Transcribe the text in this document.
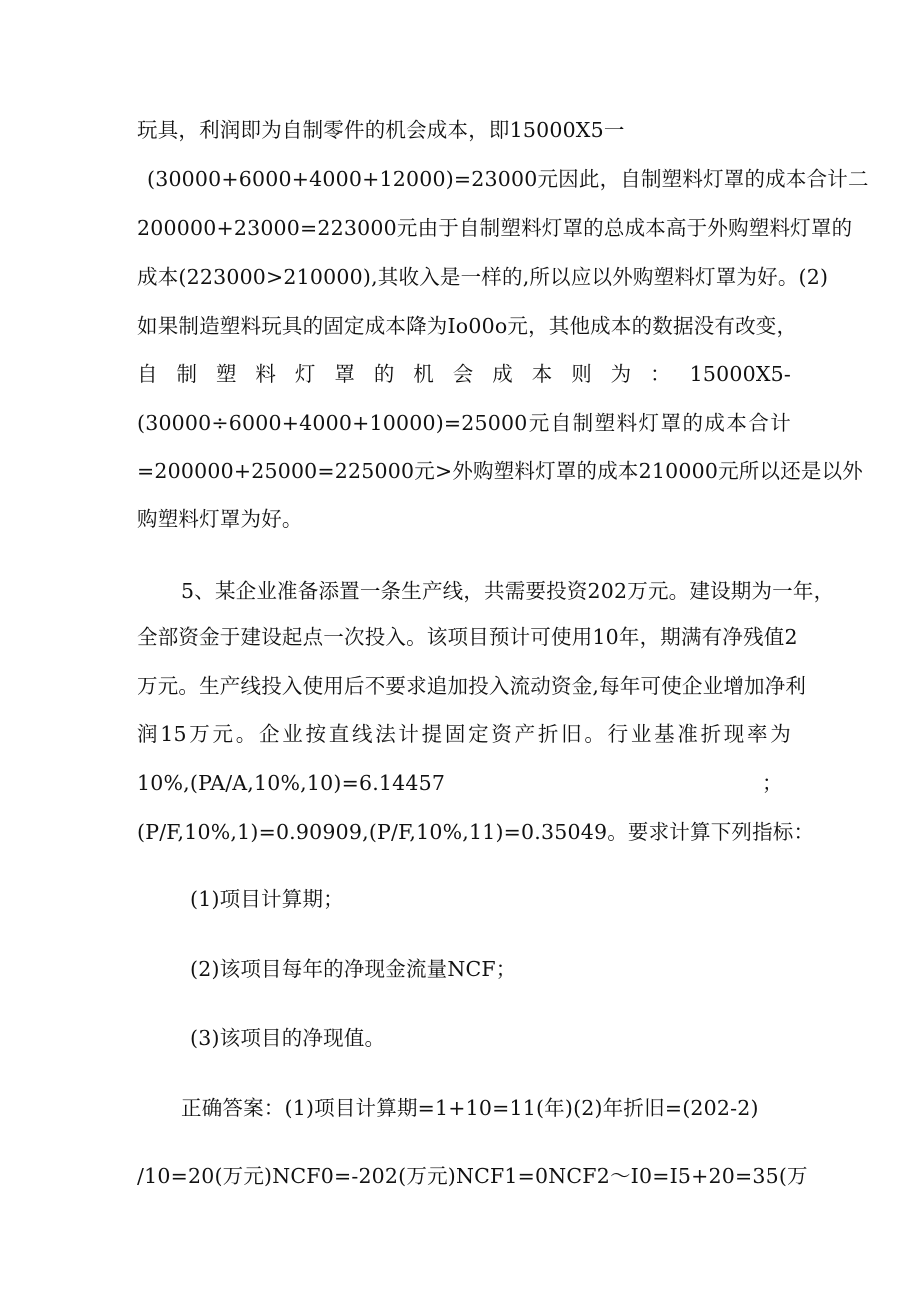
玩具，利润即为自制零件的机会成本，即15000X5一
(30000+6000+4000+12000)=23000元因此，自制塑料灯罩的成本合计二
200000+23000=223000元由于自制塑料灯罩的总成本高于外购塑料灯罩的
成本(223000>210000),其收入是一样的,所以应以外购塑料灯罩为好。(2)
如果制造塑料玩具的固定成本降为Io00o元，其他成本的数据没有改变，
自制塑料灯罩的机会成本则为：15000X5-
(30000÷6000+4000+10000)=25000元自制塑料灯罩的成本合计
=200000+25000=225000元>外购塑料灯罩的成本210000元所以还是以外
购塑料灯罩为好。
5、某企业准备添置一条生产线，共需要投资202万元。建设期为一年，
全部资金于建设起点一次投入。该项目预计可使用10年，期满有净残值2
万元。生产线投入使用后不要求追加投入流动资金,每年可使企业增加净利
润15万元。企业按直线法计提固定资产折旧。行业基准折现率为
10%,(PA/A,10%,10)=6.14457	；
(P/F,10%,1)=0.90909,(P/F,10%,11)=0.35049。要求计算下列指标：
(1)项目计算期；
(2)该项目每年的净现金流量NCF；
(3)该项目的净现值。
正确答案：(1)项目计算期=1+10=11(年)(2)年折旧=(202-2)
/10=20(万元)NCF0=-202(万元)NCF1=0NCF2～I0=I5+20=35(万
